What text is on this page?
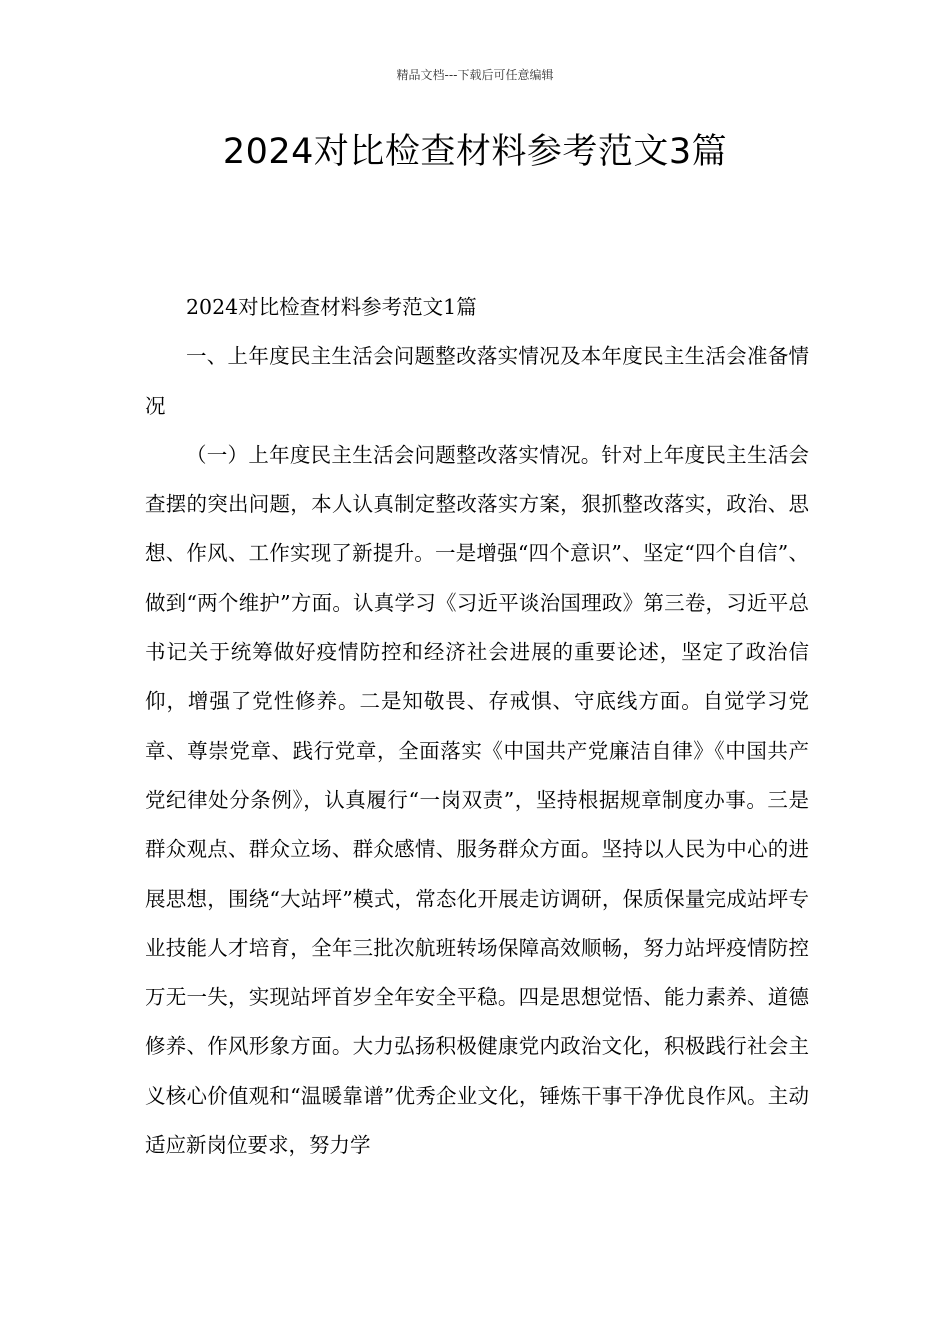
精品文档---下载后可任意编辑
2024对比检查材料参考范文3篇

2024对比检查材料参考范文1篇

一、上年度民主生活会问题整改落实情况及本年度民主生活会准备情况

（一）上年度民主生活会问题整改落实情况。针对上年度民主生活会查摆的突出问题，本人认真制定整改落实方案，狠抓整改落实，政治、思想、作风、工作实现了新提升。一是增强“四个意识”、坚定“四个自信”、做到“两个维护”方面。认真学习《习近平谈治国理政》第三卷，习近平总书记关于统筹做好疫情防控和经济社会进展的重要论述，坚定了政治信仰，增强了党性修养。二是知敬畏、存戒惧、守底线方面。自觉学习党章、尊崇党章、践行党章，全面落实《中国共产党廉洁自律》《中国共产党纪律处分条例》，认真履行“一岗双责”，坚持根据规章制度办事。三是群众观点、群众立场、群众感情、服务群众方面。坚持以人民为中心的进展思想，围绕“大站坪”模式，常态化开展走访调研，保质保量完成站坪专业技能人才培育，全年三批次航班转场保障高效顺畅，努力站坪疫情防控万无一失，实现站坪首岁全年安全平稳。四是思想觉悟、能力素养、道德修养、作风形象方面。大力弘扬积极健康党内政治文化，积极践行社会主义核心价值观和“温暖靠谱”优秀企业文化，锤炼干事干净优良作风。主动适应新岗位要求，努力学
